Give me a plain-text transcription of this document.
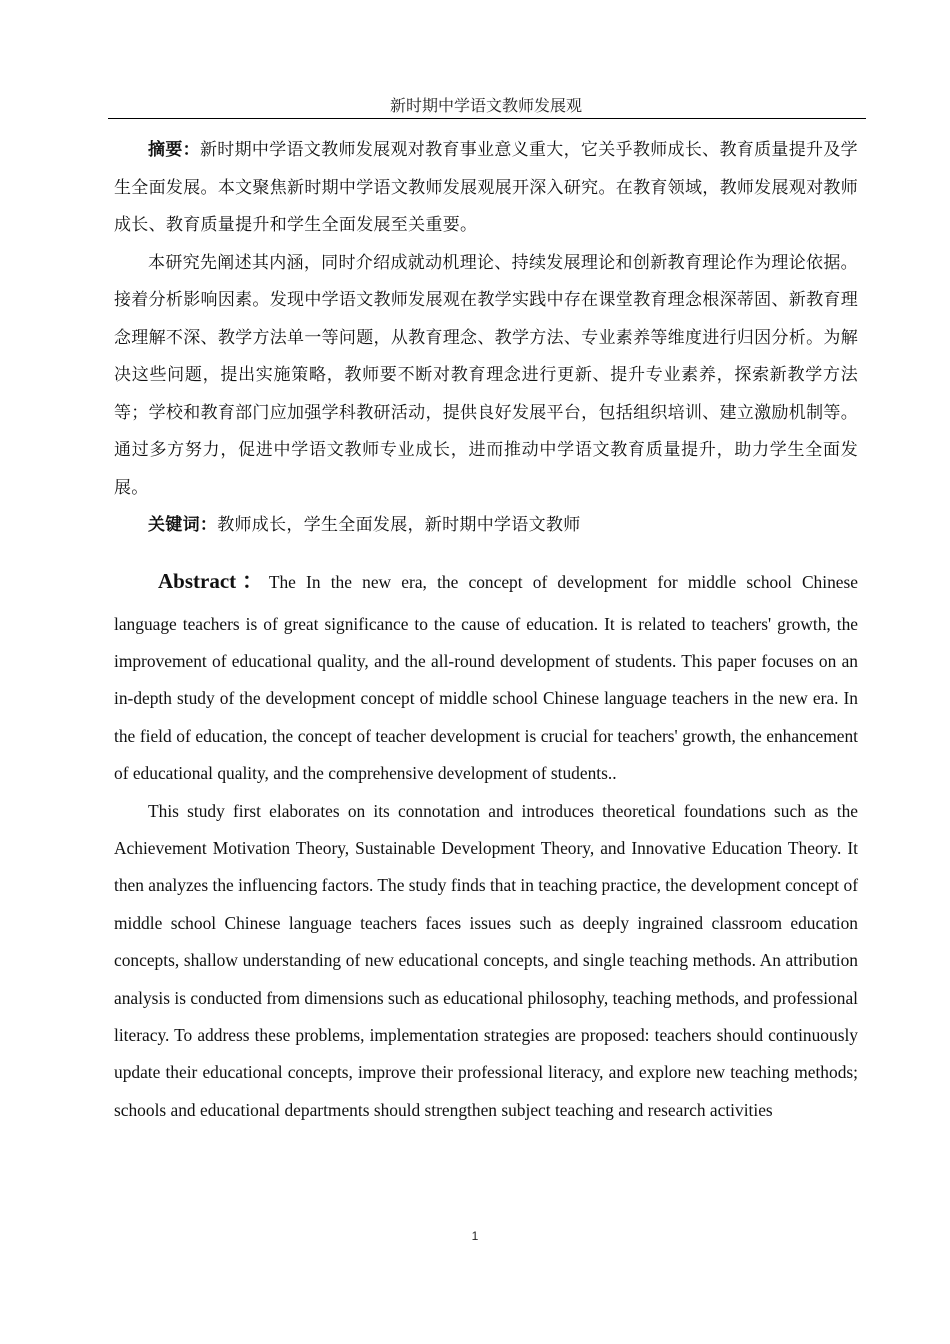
新时期中学语文教师发展观

摘要：新时期中学语文教师发展观对教育事业意义重大，它关乎教师成长、教育质量提升及学生全面发展。本文聚焦新时期中学语文教师发展观展开深入研究。在教育领域，教师发展观对教师成长、教育质量提升和学生全面发展至关重要。

本研究先阐述其内涵，同时介绍成就动机理论、持续发展理论和创新教育理论作为理论依据。接着分析影响因素。发现中学语文教师发展观在教学实践中存在课堂教育理念根深蒂固、新教育理念理解不深、教学方法单一等问题，从教育理念、教学方法、专业素养等维度进行归因分析。为解决这些问题，提出实施策略，教师要不断对教育理念进行更新、提升专业素养，探索新教学方法等；学校和教育部门应加强学科教研活动，提供良好发展平台，包括组织培训、建立激励机制等。通过多方努力，促进中学语文教师专业成长，进而推动中学语文教育质量提升，助力学生全面发展。

关键词：教师成长，学生全面发展，新时期中学语文教师

Abstract：The In the new era, the concept of development for middle school Chinese
language teachers is of great significance to the cause of education. It is related to teachers' growth, the improvement of educational quality, and the all-round development of students. This paper focuses on an in-depth study of the development concept of middle school Chinese language teachers in the new era. In the field of education, the concept of teacher development is crucial for teachers' growth, the enhancement of educational quality, and the comprehensive development of students..

This study first elaborates on its connotation and introduces theoretical foundations such as the Achievement Motivation Theory, Sustainable Development Theory, and Innovative Education Theory. It then analyzes the influencing factors. The study finds that in teaching practice, the development concept of middle school Chinese language teachers faces issues such as deeply ingrained classroom education concepts, shallow understanding of new educational concepts, and single teaching methods. An attribution analysis is conducted from dimensions such as educational philosophy, teaching methods, and professional literacy. To address these problems, implementation strategies are proposed: teachers should continuously update their educational concepts, improve their professional literacy, and explore new teaching methods; schools and educational departments should strengthen subject teaching and research activities

1
